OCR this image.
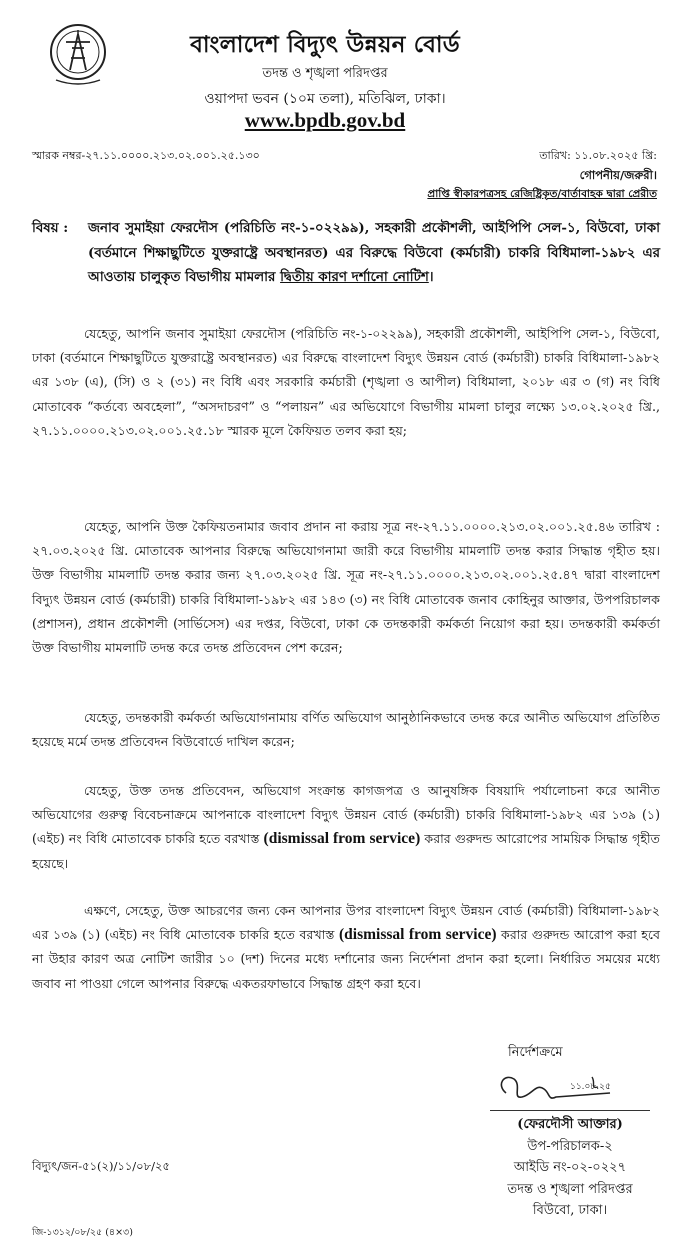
বাংলাদেশ বিদ্যুৎ উন্নয়ন বোর্ড
তদন্ত ও শৃঙ্খলা পরিদপ্তর
ওয়াপদা ভবন (১০ম তলা), মতিঝিল, ঢাকা।
www.bpdb.gov.bd
স্মারক নম্বর-২৭.১১.০০০০.২১৩.০২.০০১.২৫.১৩০	তারিখ: ১১.০৮.২০২৫ খ্রি:
গোপনীয়/জরুরী।
প্রাপ্তি স্বীকারপত্রসহ রেজিষ্ট্রিকৃত/বার্তাবাহক দ্বারা প্রেরীত
বিষয় :	জনাব সুমাইয়া ফেরদৌস (পরিচিতি নং-১-০২২৯৯), সহকারী প্রকৌশলী, আইপিপি সেল-১, বিউবো, ঢাকা (বর্তমানে শিক্ষাছুটিতে যুক্তরাষ্ট্রে অবস্থানরত) এর বিরুদ্ধে বিউবো (কর্মচারী) চাকরি বিধিমালা-১৯৮২ এর আওতায় চালুকৃত বিভাগীয় মামলার দ্বিতীয় কারণ দর্শানো নোটিশ।
যেহেতু, আপনি জনাব সুমাইয়া ফেরদৌস (পরিচিতি নং-১-০২২৯৯), সহকারী প্রকৌশলী, আইপিপি সেল-১, বিউবো, ঢাকা (বর্তমানে শিক্ষাছুটিতে যুক্তরাষ্ট্রে অবস্থানরত) এর বিরুদ্ধে বাংলাদেশ বিদ্যুৎ উন্নয়ন বোর্ড (কর্মচারী) চাকরি বিধিমালা-১৯৮২ এর ১৩৮ (এ), (সি) ও ২ (৩১) নং বিধি এবং সরকারি কর্মচারী (শৃঙ্খলা ও আপীল) বিধিমালা, ২০১৮ এর ৩ (গ) নং বিধি মোতাবেক “কর্তব্যে অবহেলা”, “অসদাচরণ” ও “পলায়ন” এর অভিযোগে বিভাগীয় মামলা চালুর লক্ষ্যে ১৩.০২.২০২৫ খ্রি., ২৭.১১.০০০০.২১৩.০২.০০১.২৫.১৮ স্মারক মূলে কৈফিয়ত তলব করা হয়;
যেহেতু, আপনি উক্ত কৈফিয়তনামার জবাব প্রদান না করায় সূত্র নং-২৭.১১.০০০০.২১৩.০২.০০১.২৫.৪৬ তারিখ : ২৭.০৩.২০২৫ খ্রি. মোতাবেক আপনার বিরুদ্ধে অভিযোগনামা জারী করে বিভাগীয় মামলাটি তদন্ত করার সিদ্ধান্ত গৃহীত হয়। উক্ত বিভাগীয় মামলাটি তদন্ত করার জন্য ২৭.০৩.২০২৫ খ্রি. সূত্র নং-২৭.১১.০০০০.২১৩.০২.০০১.২৫.৪৭ দ্বারা বাংলাদেশ বিদ্যুৎ উন্নয়ন বোর্ড (কর্মচারী) চাকরি বিধিমালা-১৯৮২ এর ১৪৩ (৩) নং বিধি মোতাবেক জনাব কোহিনুর আক্তার, উপপরিচালক (প্রশাসন), প্রধান প্রকৌশলী (সার্ভিসেস) এর দপ্তর, বিউবো, ঢাকা কে তদন্তকারী কর্মকর্তা নিয়োগ করা হয়। তদন্তকারী কর্মকর্তা উক্ত বিভাগীয় মামলাটি তদন্ত করে তদন্ত প্রতিবেদন পেশ করেন;
যেহেতু, তদন্তকারী কর্মকর্তা অভিযোগনামায় বর্ণিত অভিযোগ আনুষ্ঠানিকভাবে তদন্ত করে আনীত অভিযোগ প্রতিষ্ঠিত হয়েছে মর্মে তদন্ত প্রতিবেদন বিউবোর্ডে দাখিল করেন;
যেহেতু, উক্ত তদন্ত প্রতিবেদন, অভিযোগ সংক্রান্ত কাগজপত্র ও আনুষঙ্গিক বিষয়াদি পর্যালোচনা করে আনীত অভিযোগের গুরুত্ব বিবেচনাক্রমে আপনাকে বাংলাদেশ বিদ্যুৎ উন্নয়ন বোর্ড (কর্মচারী) চাকরি বিধিমালা-১৯৮২ এর ১৩৯ (১) (এইচ) নং বিধি মোতাবেক চাকরি হতে বরখাস্ত (dismissal from service) করার গুরুদন্ড আরোপের সাময়িক সিদ্ধান্ত গৃহীত হয়েছে।
এক্ষণে, সেহেতু, উক্ত আচরণের জন্য কেন আপনার উপর বাংলাদেশ বিদ্যুৎ উন্নয়ন বোর্ড (কর্মচারী) বিধিমালা-১৯৮২ এর ১৩৯ (১) (এইচ) নং বিধি মোতাবেক চাকরি হতে বরখাস্ত (dismissal from service) করার গুরুদন্ড আরোপ করা হবে না উহার কারণ অত্র নোটিশ জারীর ১০ (দশ) দিনের মধ্যে দর্শানোর জন্য নির্দেশনা প্রদান করা হলো। নির্ধারিত সময়ের মধ্যে জবাব না পাওয়া গেলে আপনার বিরুদ্ধে একতরফাভাবে সিদ্ধান্ত গ্রহণ করা হবে।
নির্দেশক্রমে
১১.০৮.২৫
(ফেরদৌসী আক্তার)
উপ-পরিচালক-২
আইডি নং-০২-০২২৭
তদন্ত ও শৃঙ্খলা পরিদপ্তর
বিউবো, ঢাকা।
বিদ্যুৎ/জন-৫১(২)/১১/০৮/২৫
জি-১৩১২/০৮/২৫ (৪×৩)
